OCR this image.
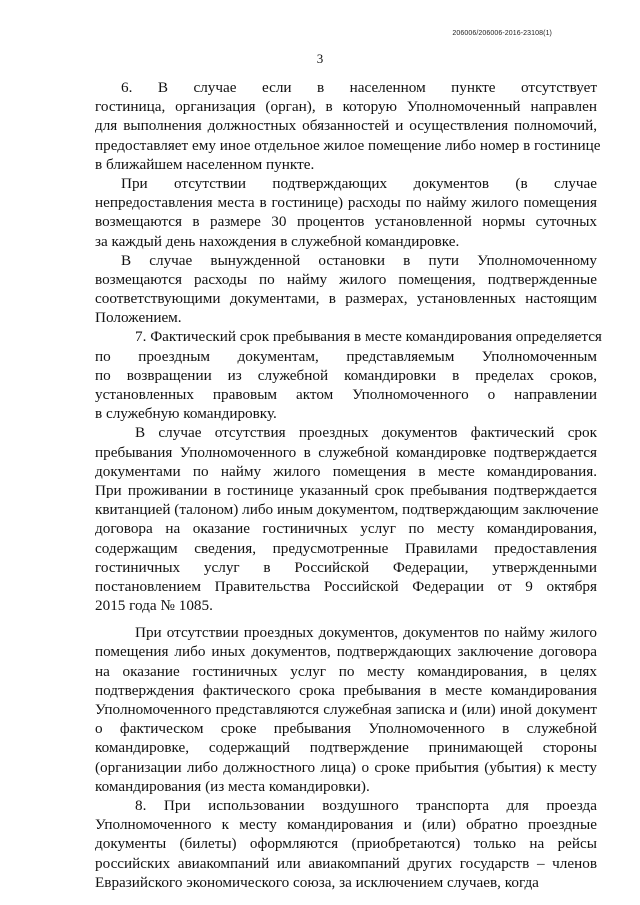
206006/206006-2016-23108(1)
3
6. В случае если в населенном пункте отсутствует
гостиница, организация (орган), в которую Уполномоченный направлен
для выполнения должностных обязанностей и осуществления полномочий,
предоставляет ему иное отдельное жилое помещение либо номер в гостинице
в ближайшем населенном пункте.
При отсутствии подтверждающих документов (в случае
непредоставления места в гостинице) расходы по найму жилого помещения
возмещаются в размере 30 процентов установленной нормы суточных
за каждый день нахождения в служебной командировке.
В случае вынужденной остановки в пути Уполномоченному
возмещаются расходы по найму жилого помещения, подтвержденные
соответствующими документами, в размерах, установленных настоящим
Положением.
7. Фактический срок пребывания в месте командирования определяется
по проездным документам, представляемым Уполномоченным
по возвращении из служебной командировки в пределах сроков,
установленных правовым актом Уполномоченного о направлении
в служебную командировку.
В случае отсутствия проездных документов фактический срок
пребывания Уполномоченного в служебной командировке подтверждается
документами по найму жилого помещения в месте командирования.
При проживании в гостинице указанный срок пребывания подтверждается
квитанцией (талоном) либо иным документом, подтверждающим заключение
договора на оказание гостиничных услуг по месту командирования,
содержащим сведения, предусмотренные Правилами предоставления
гостиничных услуг в Российской Федерации, утвержденными
постановлением Правительства Российской Федерации от 9 октября
2015 года № 1085.
При отсутствии проездных документов, документов по найму жилого
помещения либо иных документов, подтверждающих заключение договора
на оказание гостиничных услуг по месту командирования, в целях
подтверждения фактического срока пребывания в месте командирования
Уполномоченного представляются служебная записка и (или) иной документ
о фактическом сроке пребывания Уполномоченного в служебной
командировке, содержащий подтверждение принимающей стороны
(организации либо должностного лица) о сроке прибытия (убытия) к месту
командирования (из места командировки).
8. При использовании воздушного транспорта для проезда
Уполномоченного к месту командирования и (или) обратно проездные
документы (билеты) оформляются (приобретаются) только на рейсы
российских авиакомпаний или авиакомпаний других государств – членов
Евразийского экономического союза, за исключением случаев, когда
